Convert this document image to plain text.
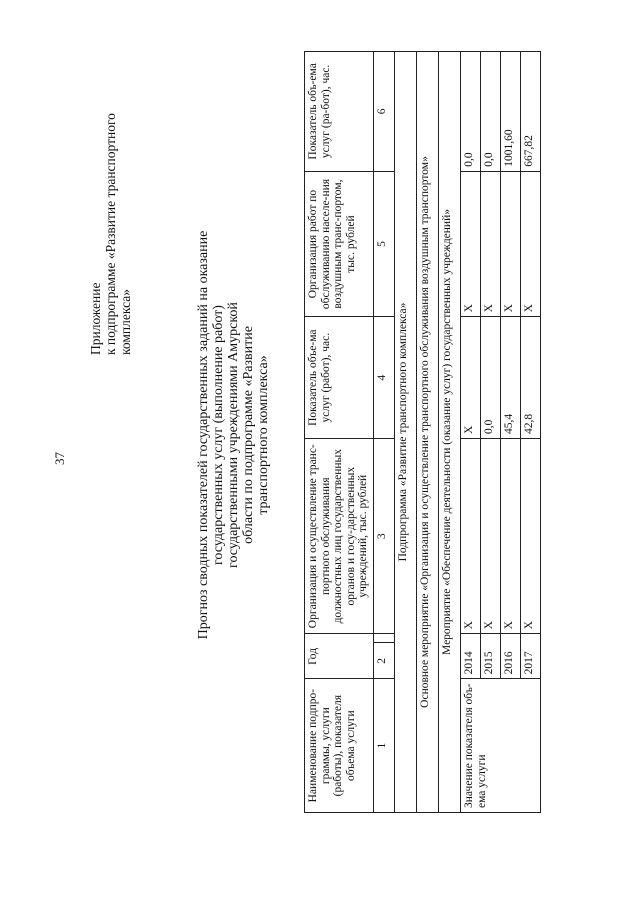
37
Приложение к подпрограмме «Развитие транспортного комплекса»	Прогноз сводных показателей государственных заданий на оказание государственных услуг (выполнение работ) государственными учреждениями Амурской области по подпрограмме «Развитие транспортного комплекса»
Наименование подпро-граммы, услуги (работы), показателя объема услуги	Год		Организация и осуществление транс-портного обслуживания должностных лиц государственных органов и госу-дарственных учреждений, тыс. рублей	Показатель объе-ма услуг (работ), час.	Организация работ по обслуживанию населе-ния воздушным транс-портом, тыс. рублей	Показатель объ-ема услуг (ра-бот), час.
1	2		3	4	5	6
Подпрограмма «Развитие транспортного комплекса»						
Основное мероприятие «Организация и осуществление транспортного обслуживания воздушным транспортом»						
Мероприятие «Обеспечение деятельности (оказание услуг) государственных учреждений»						
Значение показателя объ-ема услуги	2014		X	X	X	0,0
	2015		X	0,0	X	0,0
	2016		X	45,4	X	1001,60
	2017		X	42,8	X	667,82
